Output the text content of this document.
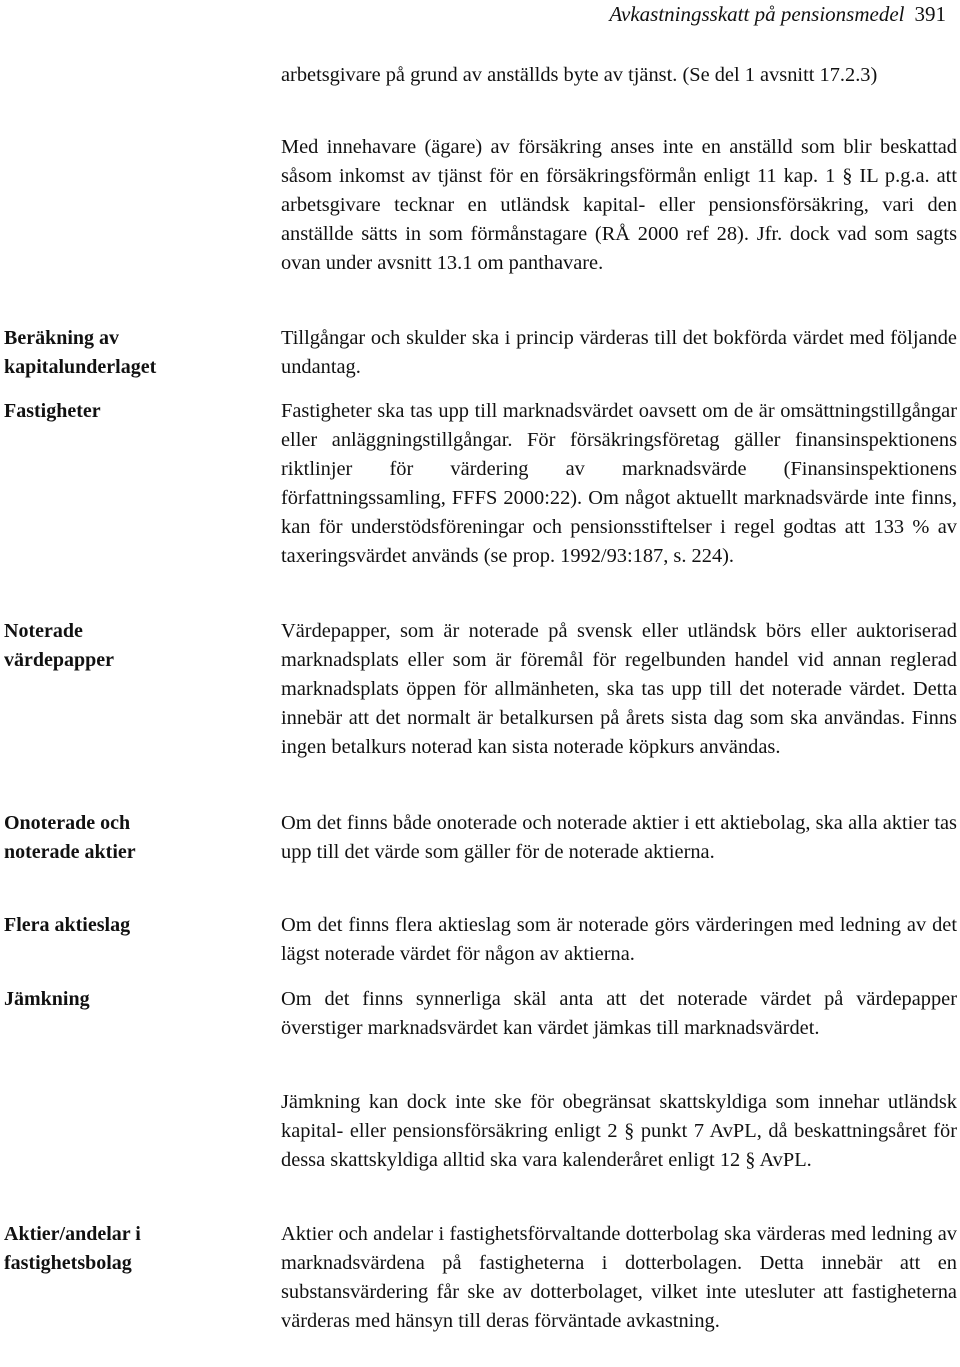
Avkastningsskatt på pensionsmedel 391
Beräkning av kapitalunderlaget
Fastigheter
Noterade värdepapper
Onoterade och noterade aktier
Flera aktieslag
Jämkning
Aktier/andelar i fastighetsbolag
arbetsgivare på grund av anställds byte av tjänst. (Se del 1 avsnitt 17.2.3)
Med innehavare (ägare) av försäkring anses inte en anställd som blir beskattad såsom inkomst av tjänst för en försäkringsförmån enligt 11 kap. 1 § IL p.g.a. att arbetsgivare tecknar en utländsk kapital- eller pensionsförsäkring, vari den anställde sätts in som förmånstagare (RÅ 2000 ref 28). Jfr. dock vad som sagts ovan under avsnitt 13.1 om panthavare.
Tillgångar och skulder ska i princip värderas till det bokförda värdet med följande undantag.
Fastigheter ska tas upp till marknadsvärdet oavsett om de är omsättningstillgångar eller anläggningstillgångar. För försäkringsföretag gäller finansinspektionens riktlinjer för värdering av marknadsvärde (Finansinspektionens författningssamling, FFFS 2000:22). Om något aktuellt marknadsvärde inte finns, kan för understödsföreningar och pensionsstiftelser i regel godtas att 133 % av taxeringsvärdet används (se prop. 1992/93:187, s. 224).
Värdepapper, som är noterade på svensk eller utländsk börs eller auktoriserad marknadsplats eller som är föremål för regelbunden handel vid annan reglerad marknadsplats öppen för allmänheten, ska tas upp till det noterade värdet. Detta innebär att det normalt är betalkursen på årets sista dag som ska användas. Finns ingen betalkurs noterad kan sista noterade köpkurs användas.
Om det finns både onoterade och noterade aktier i ett aktiebolag, ska alla aktier tas upp till det värde som gäller för de noterade aktierna.
Om det finns flera aktieslag som är noterade görs värderingen med ledning av det lägst noterade värdet för någon av aktierna.
Om det finns synnerliga skäl anta att det noterade värdet på värdepapper överstiger marknadsvärdet kan värdet jämkas till marknadsvärdet.
Jämkning kan dock inte ske för obegränsat skattskyldiga som innehar utländsk kapital- eller pensionsförsäkring enligt 2 § punkt 7 AvPL, då beskattningsåret för dessa skattskyldiga alltid ska vara kalenderåret enligt 12 § AvPL.
Aktier och andelar i fastighetsförvaltande dotterbolag ska värderas med ledning av marknadsvärdena på fastigheterna i dotterbolagen. Detta innebär att en substansvärdering får ske av dotterbolaget, vilket inte utesluter att fastigheterna värderas med hänsyn till deras förväntade avkastning.
